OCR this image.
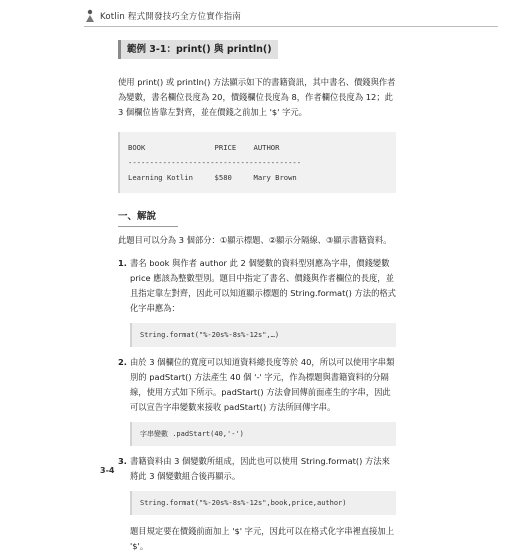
Kotlin 程式開發技巧全方位實作指南
範例 3-1：print() 與 println()

使用 print() 或 println() 方法顯示如下的書籍資訊，其中書名、價錢與作者為變數，書名欄位長度為 20，價錢欄位長度為 8，作者欄位長度為 12；此 3 個欄位皆靠左對齊，並在價錢之前加上 '$' 字元。

BOOK                PRICE    AUTHOR
----------------------------------------
Learning Kotlin     $580     Mary Brown
一、解說

此題目可以分為 3 個部分：①顯示標題、②顯示分隔線、③顯示書籍資料。

1. 書名 book 與作者 author 此 2 個變數的資料型別應為字串，價錢變數 price 應該為整數型別。題目中指定了書名、價錢與作者欄位的長度，並且指定靠左對齊，因此可以知道顯示標題的 String.format() 方法的格式化字串應為：
String.format("%-20s%-8s%-12s",…)
2. 由於 3 個欄位的寬度可以知道資料總長度等於 40，所以可以使用字串類別的 padStart() 方法產生 40 個 '-' 字元，作為標題與書籍資料的分隔線，使用方式如下所示。padStart() 方法會回傳前面產生的字串，因此可以宣告字串變數來接收 padStart() 方法所回傳字串。
字串變數 .padStart(40,'-')
3. 書籍資料由 3 個變數所組成，因此也可以使用 String.format() 方法來將此 3 個變數組合後再顯示。
String.format("%-20s%-8s%-12s",book,price,author)

題目規定要在價錢前面加上 '$' 字元，因此可以在格式化字串裡直接加上 '$'。

3-4
